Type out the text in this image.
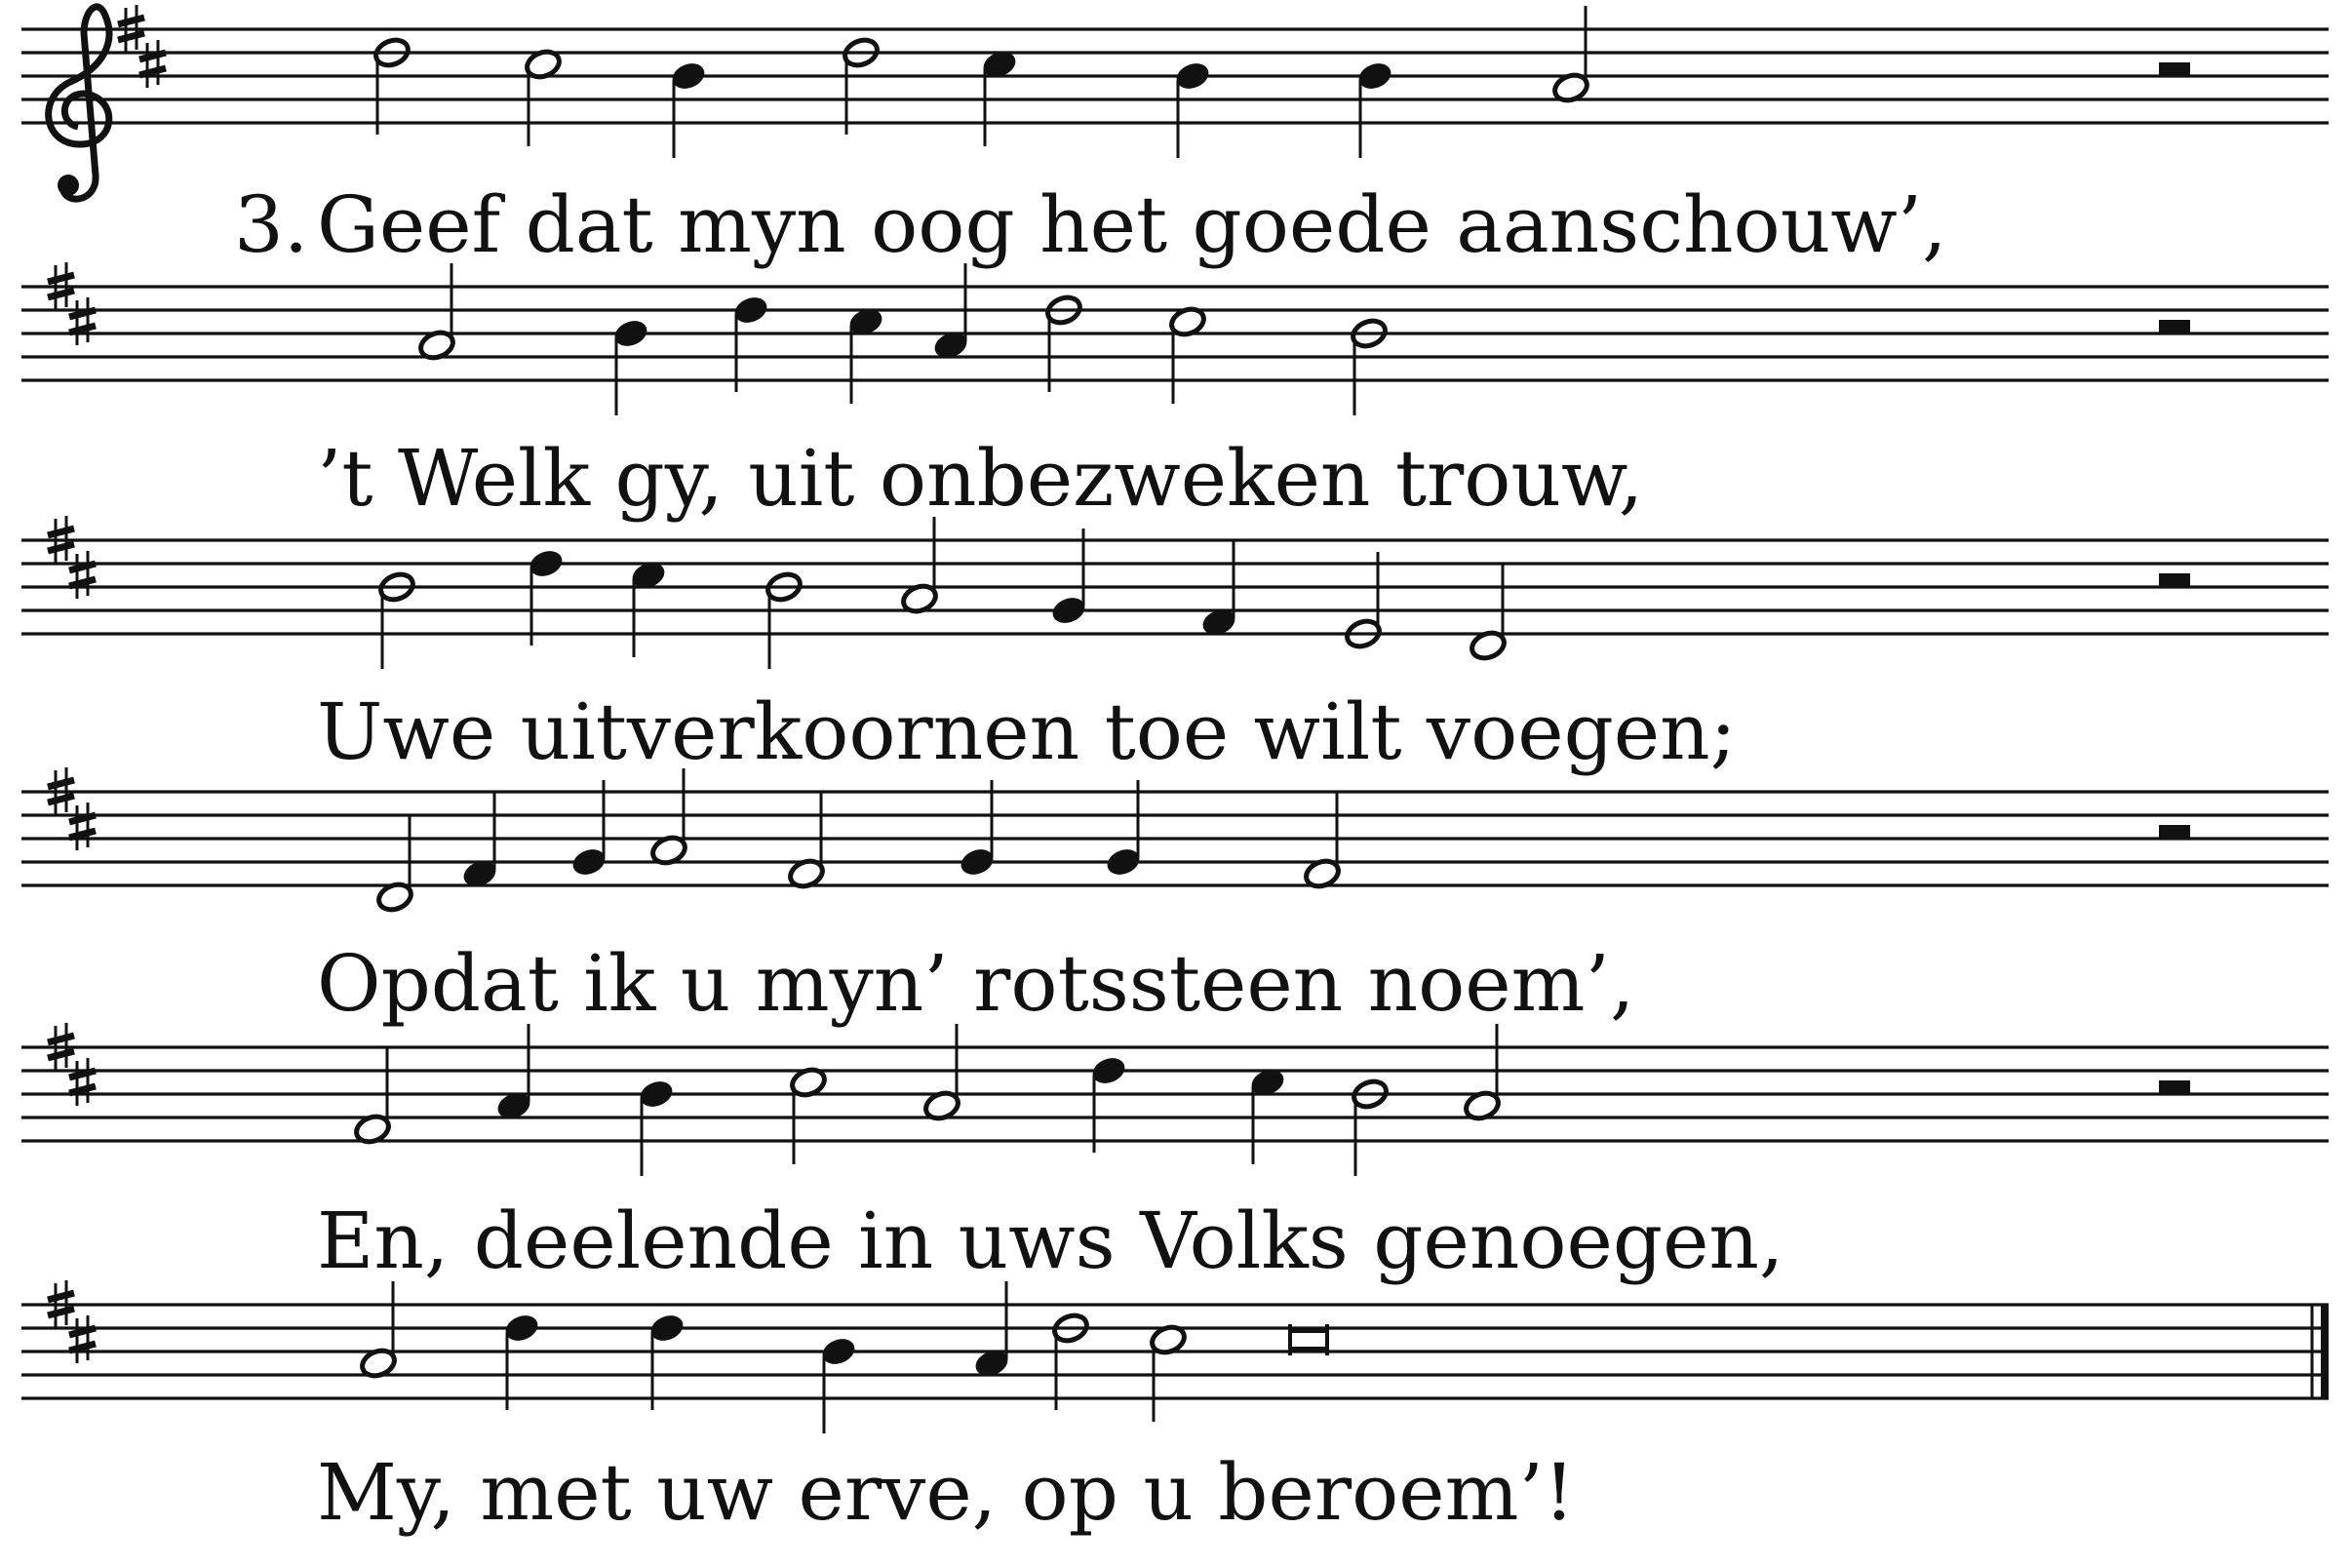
3. Geef dat myn oog het goede aanschouw’,
’t Welk gy, uit onbezweken trouw,
Uwe uitverkoornen toe wilt voegen;
Opdat ik u myn’ rotssteen noem’,
En, deelende in uws Volks genoegen,
My, met uw erve, op u beroem’!
